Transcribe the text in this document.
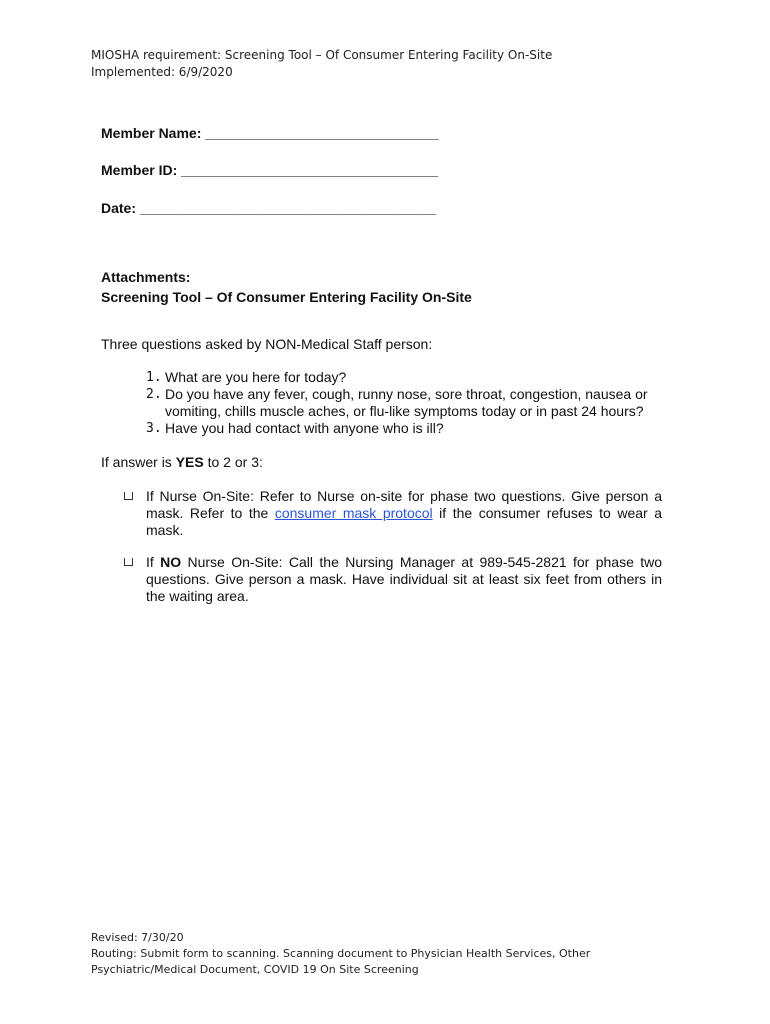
MIOSHA requirement: Screening Tool – Of Consumer Entering Facility On-Site
Implemented: 6/9/2020
Member Name: ______________________________
Member ID: _________________________________
Date: ______________________________________
Attachments:
Screening Tool – Of Consumer Entering Facility On-Site
Three questions asked by NON-Medical Staff person:
1. What are you here for today?
2. Do you have any fever, cough, runny nose, sore throat, congestion, nausea or vomiting, chills muscle aches, or flu-like symptoms today or in past 24 hours?
3. Have you had contact with anyone who is ill?
If answer is YES to 2 or 3:
If Nurse On-Site: Refer to Nurse on-site for phase two questions. Give person a mask. Refer to the consumer mask protocol if the consumer refuses to wear a mask.
If NO Nurse On-Site: Call the Nursing Manager at 989-545-2821 for phase two questions. Give person a mask. Have individual sit at least six feet from others in the waiting area.
Revised: 7/30/20
Routing: Submit form to scanning. Scanning document to Physician Health Services, Other Psychiatric/Medical Document, COVID 19 On Site Screening
